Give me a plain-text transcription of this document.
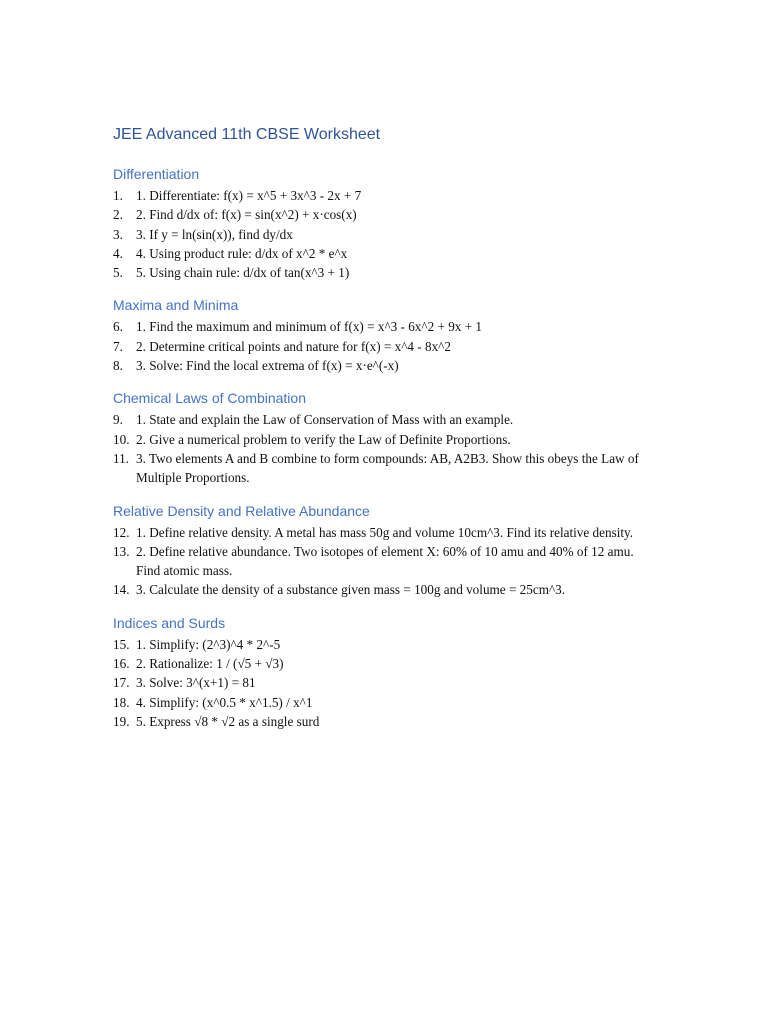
JEE Advanced 11th CBSE Worksheet
Differentiation
1. 1. Differentiate: f(x) = x^5 + 3x^3 - 2x + 7
2. 2. Find d/dx of: f(x) = sin(x^2) + x·cos(x)
3. 3. If y = ln(sin(x)), find dy/dx
4. 4. Using product rule: d/dx of x^2 * e^x
5. 5. Using chain rule: d/dx of tan(x^3 + 1)
Maxima and Minima
6. 1. Find the maximum and minimum of f(x) = x^3 - 6x^2 + 9x + 1
7. 2. Determine critical points and nature for f(x) = x^4 - 8x^2
8. 3. Solve: Find the local extrema of f(x) = x·e^(-x)
Chemical Laws of Combination
9. 1. State and explain the Law of Conservation of Mass with an example.
10. 2. Give a numerical problem to verify the Law of Definite Proportions.
11. 3. Two elements A and B combine to form compounds: AB, A2B3. Show this obeys the Law of Multiple Proportions.
Relative Density and Relative Abundance
12. 1. Define relative density. A metal has mass 50g and volume 10cm^3. Find its relative density.
13. 2. Define relative abundance. Two isotopes of element X: 60% of 10 amu and 40% of 12 amu. Find atomic mass.
14. 3. Calculate the density of a substance given mass = 100g and volume = 25cm^3.
Indices and Surds
15. 1. Simplify: (2^3)^4 * 2^-5
16. 2. Rationalize: 1 / (√5 + √3)
17. 3. Solve: 3^(x+1) = 81
18. 4. Simplify: (x^0.5 * x^1.5) / x^1
19. 5. Express √8 * √2 as a single surd
